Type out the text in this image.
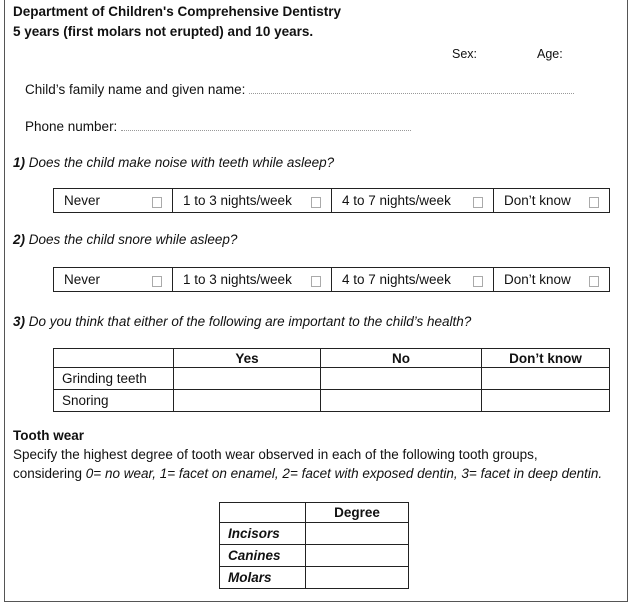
Department of Children's Comprehensive Dentistry
5 years (first molars not erupted) and 10 years.
Sex:	Age:
Child’s family name and given name:
Phone number:
1) Does the child make noise with teeth while asleep?
Never	1 to 3 nights/week	4 to 7 nights/week	Don’t know
2) Does the child snore while asleep?
Never	1 to 3 nights/week	4 to 7 nights/week	Don’t know
3) Do you think that either of the following are important to the child’s health?
	Yes	No	Don’t know
Grinding teeth			
Snoring			
Tooth wear
Specify the highest degree of tooth wear observed in each of the following tooth groups,
considering 0= no wear, 1= facet on enamel, 2= facet with exposed dentin, 3= facet in deep dentin.
	Degree
Incisors	
Canines	
Molars	
